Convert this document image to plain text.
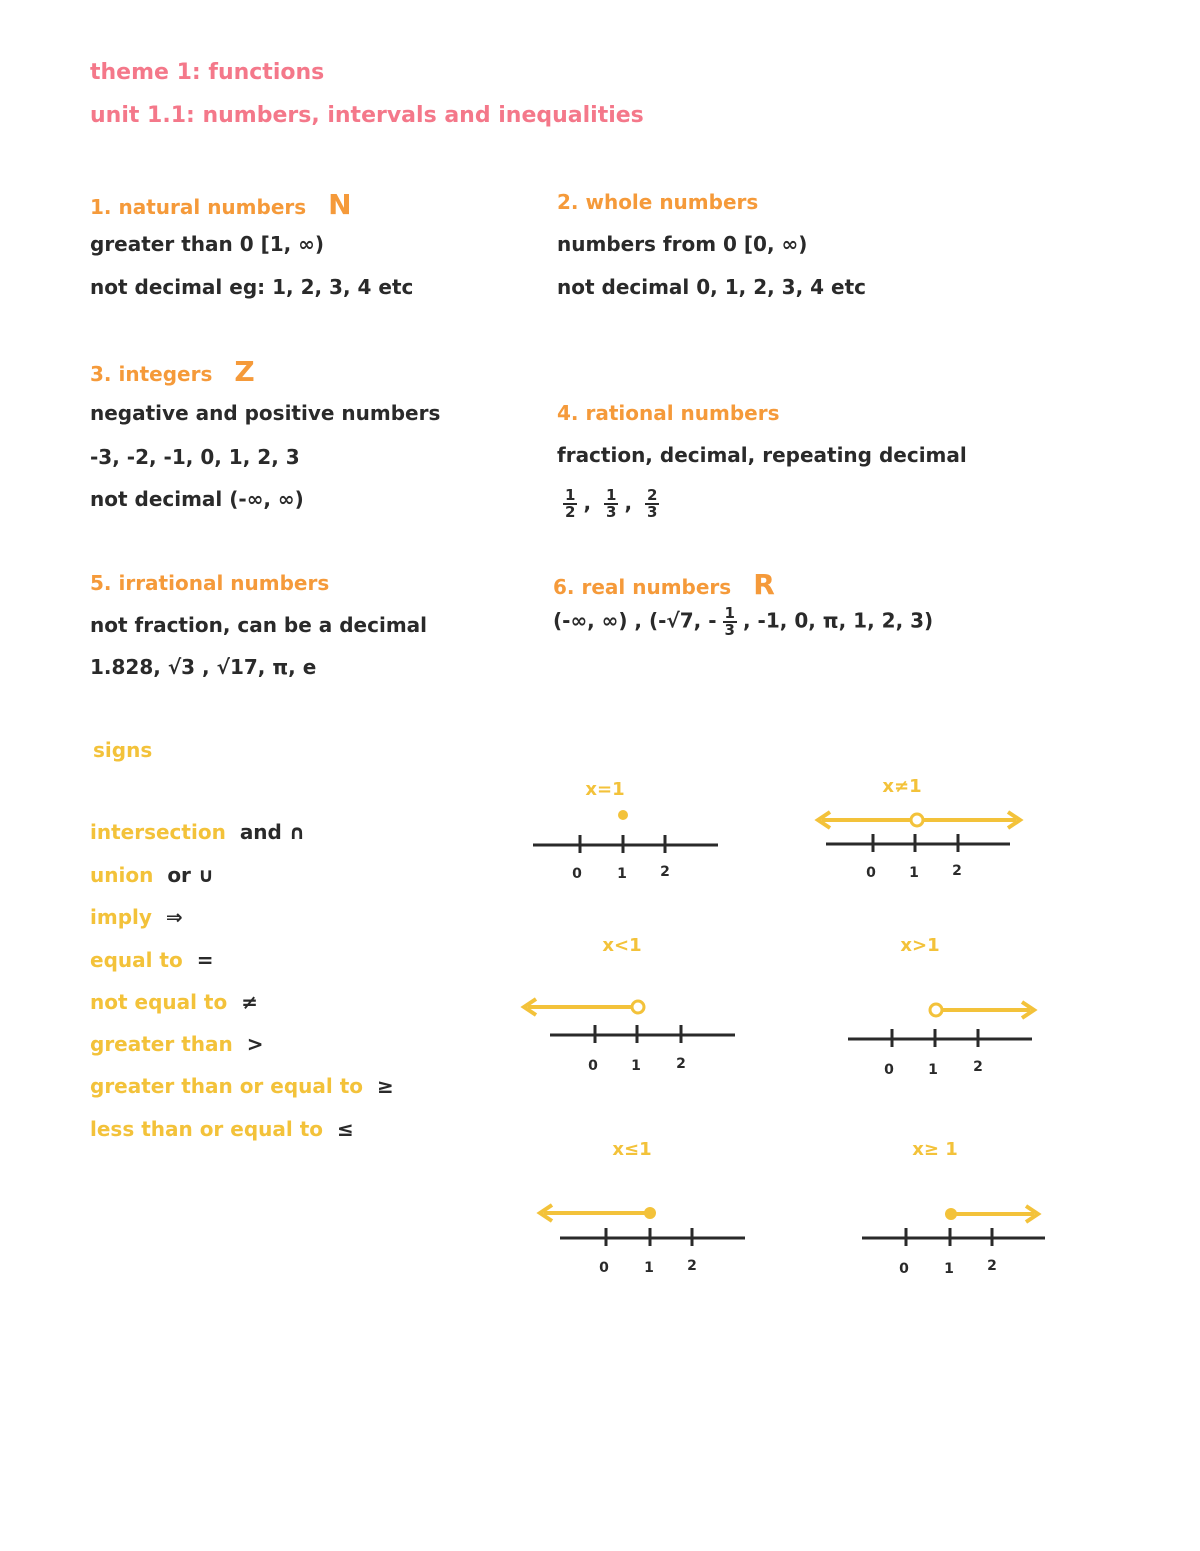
theme 1: functions
unit 1.1: numbers, intervals and inequalities
1. natural numbers N
greater than 0 [1, ∞)
not decimal eg: 1, 2, 3, 4 etc
2. whole numbers
numbers from 0 [0, ∞)
not decimal 0, 1, 2, 3, 4 etc
3. integers Z
negative and positive numbers
-3, -2, -1, 0, 1, 2, 3
not decimal (-∞, ∞)
4. rational numbers
fraction, decimal, repeating decimal
$\frac{1}{2}$ , $\frac{1}{3}$ , $\frac{2}{3}$
5. irrational numbers
not fraction, can be a decimal
1.828, √3 , √17, π, e
6. real numbers R
(-∞, ∞) , (-√7, - $\frac{1}{3}$ , -1, 0, π, 1, 2, 3)
signs
intersection and ∩
union or ∪
imply ⇒
equal to =
not equal to ≠
greater than >
greater than or equal to ≥
less than or equal to ≤
x=1
0	1 2
x≠1
0 1 2
x<1
0 1	2
x>1
0 1	2
x≤1
0	1 2
x≥ 1
0	1 2
